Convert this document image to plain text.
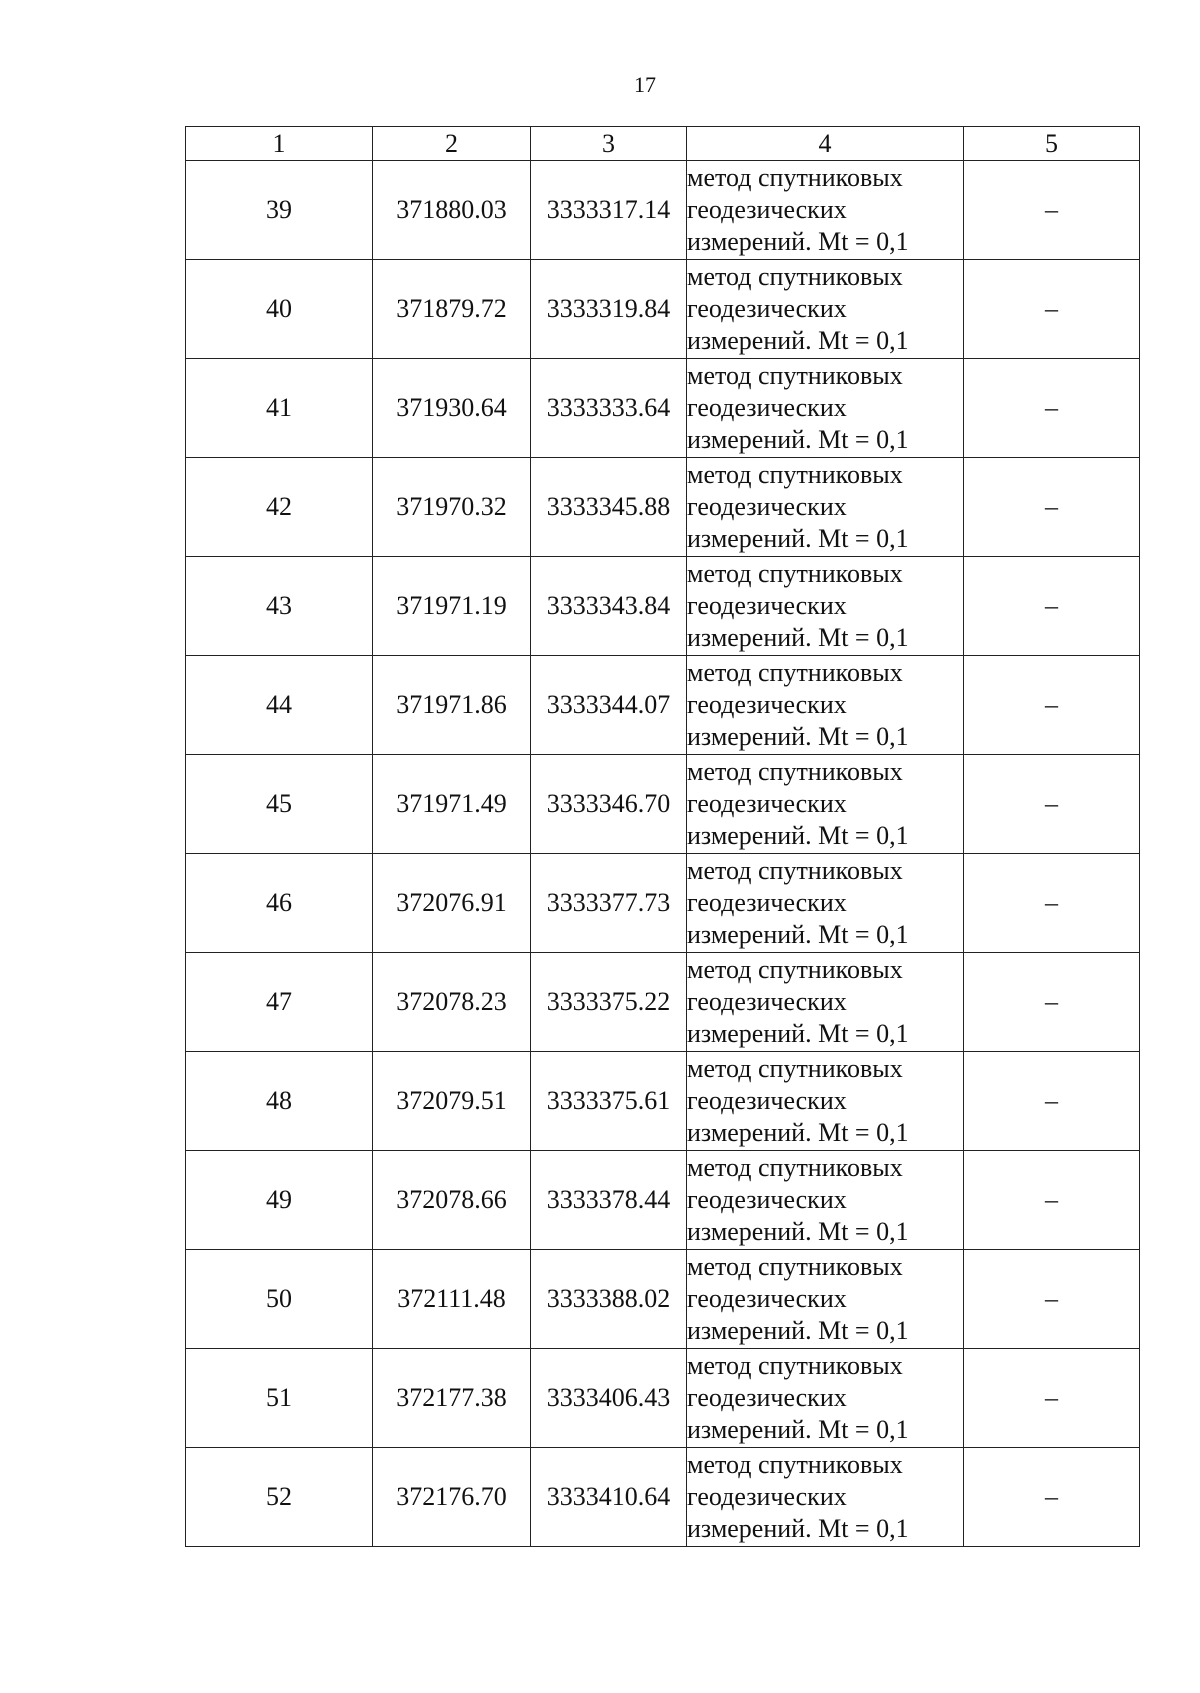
17
1	2	3	4	5
39	371880.03	3333317.14	метод спутниковых
геодезических
измерений. Mt = 0,1	–
40	371879.72	3333319.84	метод спутниковых
геодезических
измерений. Mt = 0,1	–
41	371930.64	3333333.64	метод спутниковых
геодезических
измерений. Mt = 0,1	–
42	371970.32	3333345.88	метод спутниковых
геодезических
измерений. Mt = 0,1	–
43	371971.19	3333343.84	метод спутниковых
геодезических
измерений. Mt = 0,1	–
44	371971.86	3333344.07	метод спутниковых
геодезических
измерений. Mt = 0,1	–
45	371971.49	3333346.70	метод спутниковых
геодезических
измерений. Mt = 0,1	–
46	372076.91	3333377.73	метод спутниковых
геодезических
измерений. Mt = 0,1	–
47	372078.23	3333375.22	метод спутниковых
геодезических
измерений. Mt = 0,1	–
48	372079.51	3333375.61	метод спутниковых
геодезических
измерений. Mt = 0,1	–
49	372078.66	3333378.44	метод спутниковых
геодезических
измерений. Mt = 0,1	–
50	372111.48	3333388.02	метод спутниковых
геодезических
измерений. Mt = 0,1	–
51	372177.38	3333406.43	метод спутниковых
геодезических
измерений. Mt = 0,1	–
52	372176.70	3333410.64	метод спутниковых
геодезических
измерений. Mt = 0,1	–
